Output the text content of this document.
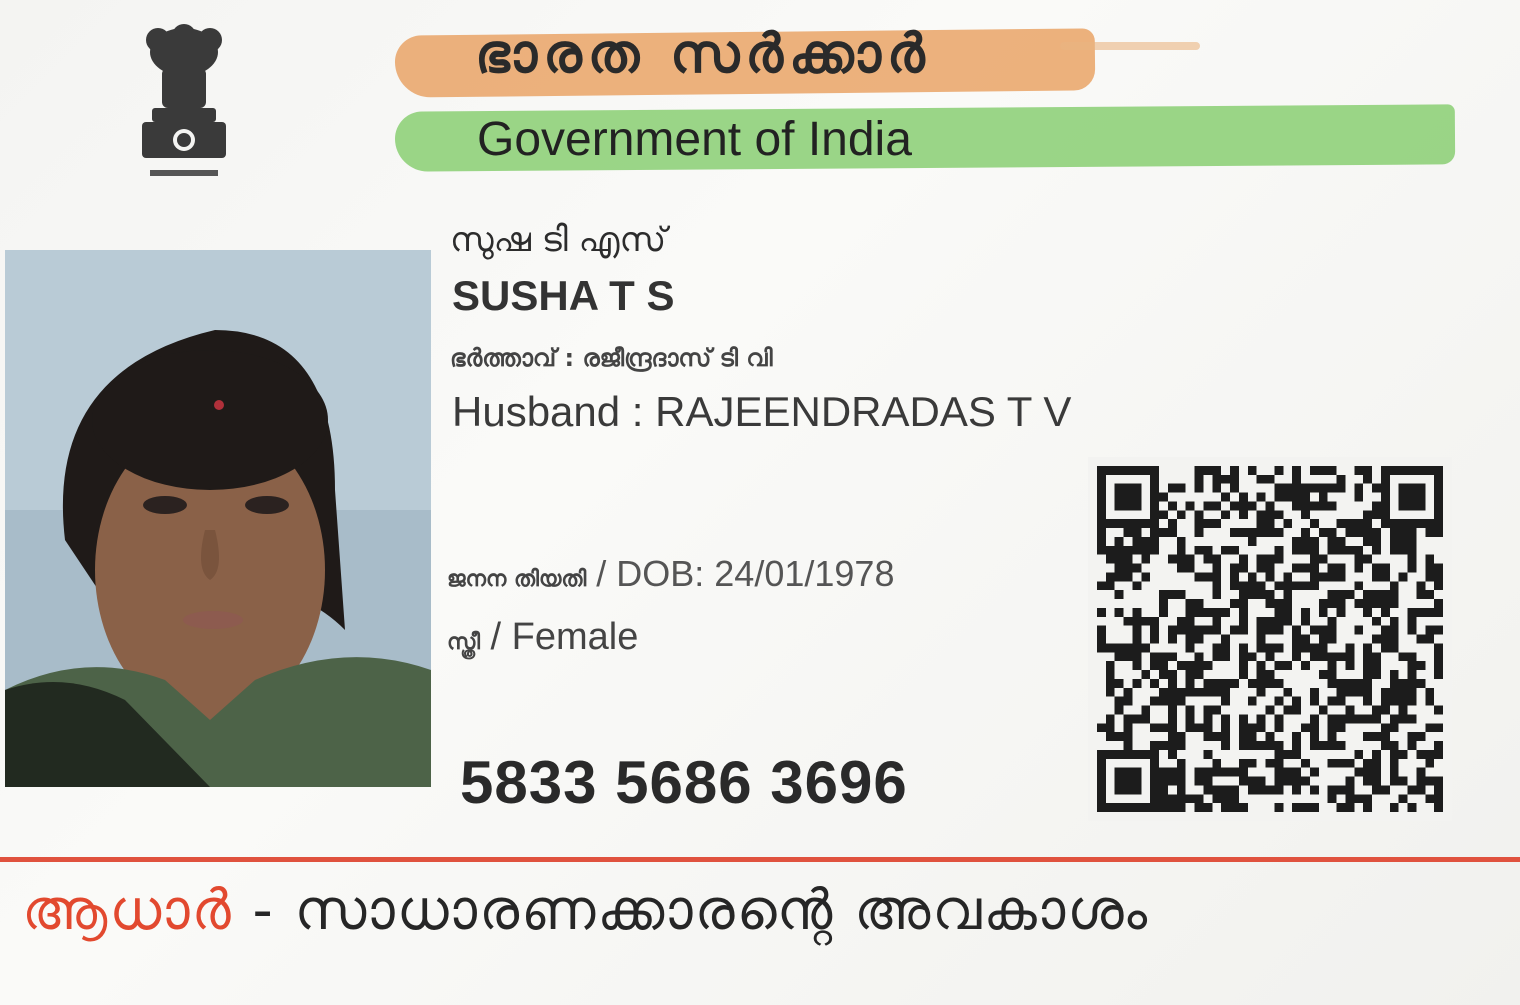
ഭാരത സർക്കാർ
Government of India
സുഷ ടി എസ്
SUSHA T S
ഭർത്താവ് : രജീന്ദ്രദാസ് ടി വി
Husband : RAJEENDRADAS T V
ജനന തിയതി / DOB: 24/01/1978
സ്ത്രീ / Female
5833 5686 3696
ആധാർ - സാധാരണക്കാരന്റെ അവകാശം
